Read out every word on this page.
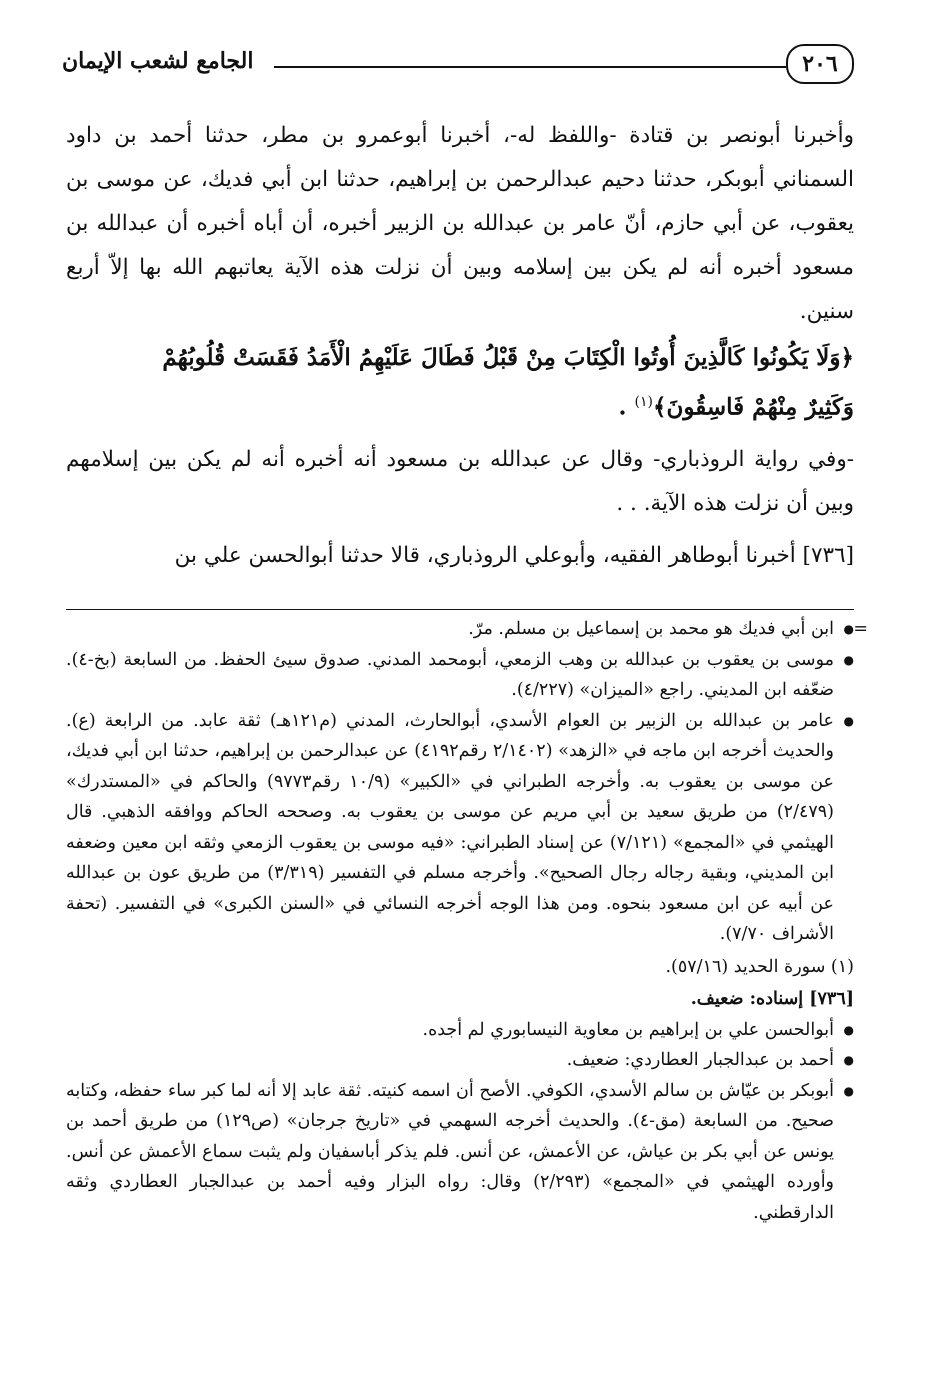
٢٠٦
الجامع لشعب الإيمان

وأخبرنا أبونصر بن قتادة -واللفظ له-، أخبرنا أبوعمرو بن مطر، حدثنا أحمد بن داود السمناني أبوبكر، حدثنا دحيم عبدالرحمن بن إبراهيم، حدثنا ابن أبي فديك، عن موسى بن يعقوب، عن أبي حازم، أنّ عامر بن عبدالله بن الزبير أخبره، أن أباه أخبره أن عبدالله بن مسعود أخبره أنه لم يكن بين إسلامه وبين أن نزلت هذه الآية يعاتبهم الله بها إلاّ أربع سنين.

﴿وَلَا يَكُونُوا كَالَّذِينَ أُوتُوا الْكِتَابَ مِنْ قَبْلُ فَطَالَ عَلَيْهِمُ الْأَمَدُ فَقَسَتْ قُلُوبُهُمْ
وَكَثِيرٌ مِنْهُمْ فَاسِقُونَ﴾$^{(١)}$ .

-وفي رواية الروذباري- وقال عن عبدالله بن مسعود أنه أخبره أنه لم يكن بين إسلامهم وبين أن نزلت هذه الآية. . .

[٧٣٦] أخبرنا أبوطاهر الفقيه، وأبوعلي الروذباري، قالا حدثنا أبوالحسن علي بن

=

● ابن أبي فديك هو محمد بن إسماعيل بن مسلم. مرّ.

● موسى بن يعقوب بن عبدالله بن وهب الزمعي، أبومحمد المدني. صدوق سيئ الحفظ. من السابعة (بخ-٤). ضعّفه ابن المديني. راجع «الميزان» (٤/٢٢٧).

● عامر بن عبدالله بن الزبير بن العوام الأسدي، أبوالحارث، المدني (م١٢١هـ) ثقة عابد. من الرابعة (ع). والحديث أخرجه ابن ماجه في «الزهد» (٢/١٤٠٢ رقم٤١٩٢) عن عبدالرحمن بن إبراهيم، حدثنا ابن أبي فديك، عن موسى بن يعقوب به. وأخرجه الطبراني في «الكبير» (١٠/٩ رقم٩٧٧٣) والحاكم في «المستدرك» (٢/٤٧٩) من طريق سعيد بن أبي مريم عن موسى بن يعقوب به. وصححه الحاكم ووافقه الذهبي. قال الهيثمي في «المجمع» (٧/١٢١) عن إسناد الطبراني: «فيه موسى بن يعقوب الزمعي وثقه ابن معين وضعفه ابن المديني، وبقية رجاله رجال الصحيح». وأخرجه مسلم في التفسير (٣/٣١٩) من طريق عون بن عبدالله عن أبيه عن ابن مسعود بنحوه. ومن هذا الوجه أخرجه النسائي في «السنن الكبرى» في التفسير. (تحفة الأشراف ٧/٧٠).

(١) سورة الحديد (٥٧/١٦).

[٧٣٦] إسناده: ضعيف.

● أبوالحسن علي بن إبراهيم بن معاوية النيسابوري لم أجده.

● أحمد بن عبدالجبار العطاردي: ضعيف.

● أبوبكر بن عيّاش بن سالم الأسدي، الكوفي. الأصح أن اسمه كنيته. ثقة عابد إلا أنه لما كبر ساء حفظه، وكتابه صحيح. من السابعة (مق-٤). والحديث أخرجه السهمي في «تاريخ جرجان» (ص١٢٩) من طريق أحمد بن يونس عن أبي بكر بن عياش، عن الأعمش، عن أنس. فلم يذكر أباسفيان ولم يثبت سماع الأعمش عن أنس. وأورده الهيثمي في «المجمع» (٢/٢٩٣) وقال: رواه البزار وفيه أحمد بن عبدالجبار العطاردي وثقه الدارقطني.
